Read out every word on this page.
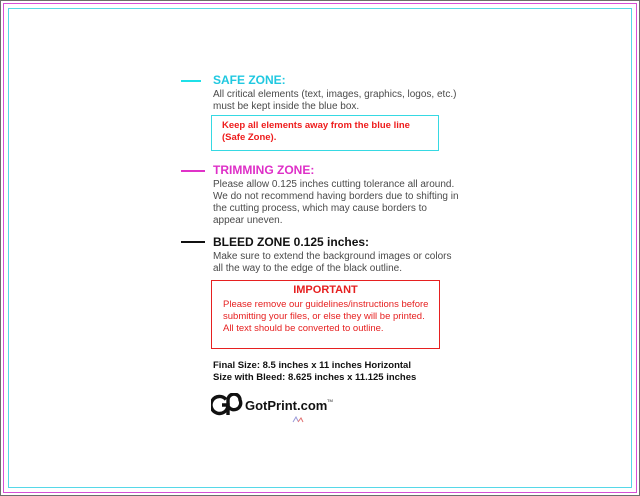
SAFE ZONE:
All critical elements (text, images, graphics, logos, etc.)
must be kept inside the blue box.
Keep all elements away from the blue line
(Safe Zone).
TRIMMING ZONE:
Please allow 0.125 inches cutting tolerance all around.
We do not recommend having borders due to shifting in
the cutting process, which may cause borders to
appear uneven.
BLEED ZONE 0.125 inches:
Make sure to extend the background images or colors
all the way to the edge of the black outline.
IMPORTANT
Please remove our guidelines/instructions before
submitting your files, or else they will be printed.
All text should be converted to outline.
Final Size: 8.5 inches x 11 inches Horizontal
Size with Bleed: 8.625 inches x 11.125 inches
GotPrint.com TM
